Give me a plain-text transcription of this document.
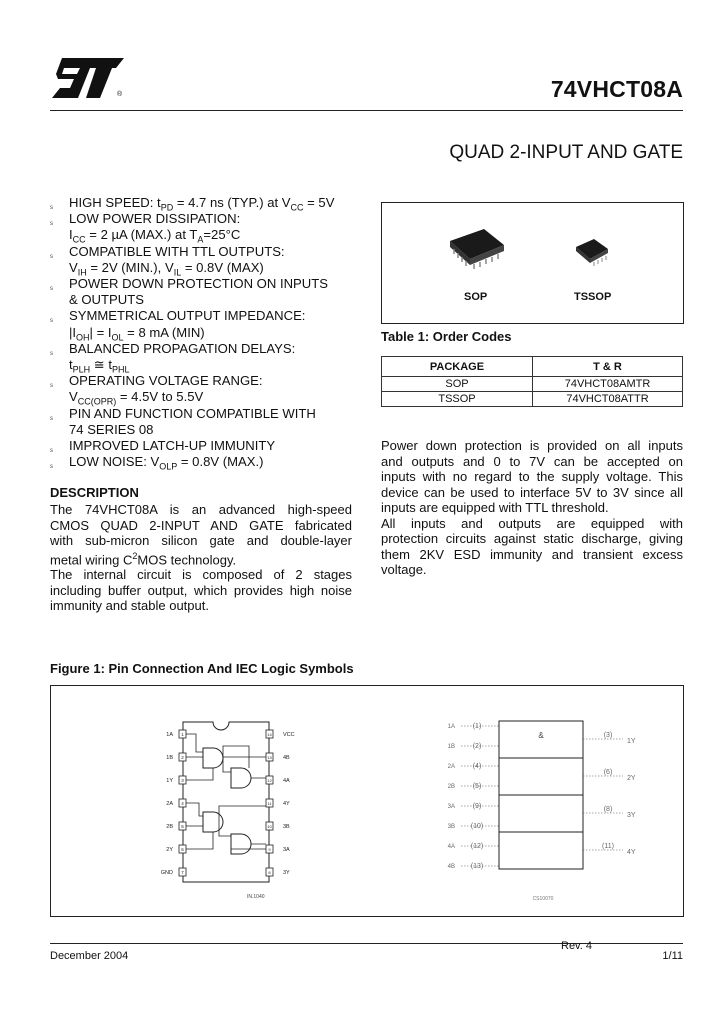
®	74VHCT08A
QUAD 2-INPUT AND GATE
s HIGH SPEED: $t_{PD} = 4.7$ ns (TYP.) at $V_{CC} = 5V$
s LOW POWER DISSIPATION:
$I_{CC} = 2$ µA (MAX.) at $T_A=25^\circ C$
s COMPATIBLE WITH TTL OUTPUTS:
$V_{IH} = 2V$ (MIN.), $V_{IL} = 0.8V$ (MAX)
s POWER DOWN PROTECTION ON INPUTS
& OUTPUTS
s SYMMETRICAL OUTPUT IMPEDANCE:
$|I_{OH}| = I_{OL} = 8$ mA (MIN)
s BALANCED PROPAGATION DELAYS:
$t_{PLH}$ ≅ $t_{PHL}$
s OPERATING VOLTAGE RANGE:
$V_{CC(OPR)} = 4.5V$ to 5.5V
s PIN AND FUNCTION COMPATIBLE WITH
74 SERIES 08
s IMPROVED LATCH-UP IMMUNITY
s LOW NOISE: $V_{OLP} = 0.8V$ (MAX.)
DESCRIPTION
The 74VHCT08A is an advanced high-speed
CMOS QUAD 2-INPUT AND GATE fabricated
with sub-micron silicon gate and double-layer
metal wiring $C^2MOS$ technology.
The internal circuit is composed of 2 stages
including buffer output, which provides high noise
immunity and stable output.
SOP	TSSOP
Table 1: Order Codes
PACKAGE	T & R
SOP	74VHCT08AMTR
TSSOP	74VHCT08ATTR
Power down protection is provided on all inputs
and outputs and 0 to 7V can be accepted on
inputs with no regard to the supply voltage. This
device can be used to interface 5V to 3V since all
inputs are equipped with TTL threshold.
All inputs and outputs are equipped with
protection circuits against static discharge, giving
them 2KV ESD immunity and transient excess
voltage.
Figure 1: Pin Connection And IEC Logic Symbols
1A 1	VCC
14
1B 2	4B
13
1Y 3	4A
12
2A 4	4Y
11
2B 5	3B
10
2Y 6	3A
9
GND 7	3Y
8
IN.1040
&
1A	(1)
1B	(2)
2A	(4)
2B	(5)
3A	(9)
3B (10)
4A (12)
4B (13)
(3)
1Y
(6)
2Y
(8)
3Y
(11)
4Y
CS10070
December 2004
Rev. 4
1/11
